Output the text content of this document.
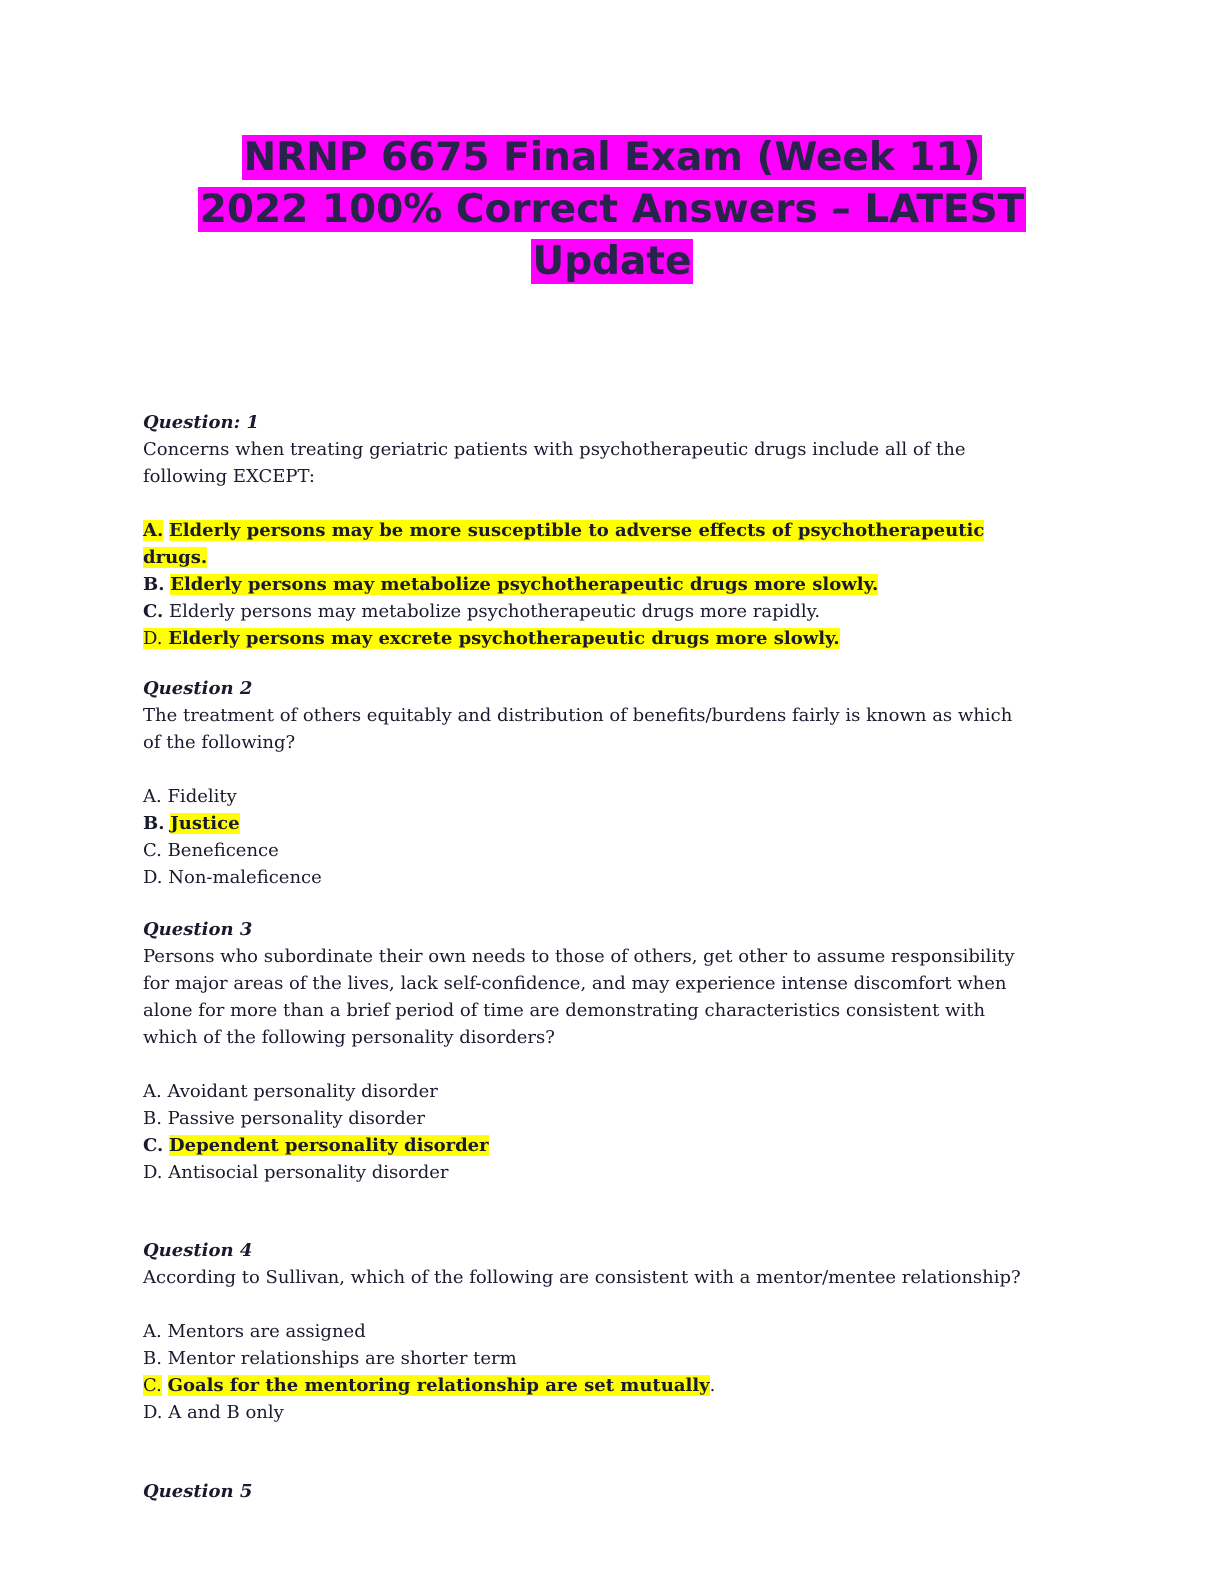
NRNP 6675 Final Exam (Week 11)
2022 100% Correct Answers – LATEST
Update
Question: 1
Concerns when treating geriatric patients with psychotherapeutic drugs include all of the
following EXCEPT:
A. Elderly persons may be more susceptible to adverse effects of psychotherapeutic
drugs.
B. Elderly persons may metabolize psychotherapeutic drugs more slowly.
C. Elderly persons may metabolize psychotherapeutic drugs more rapidly.
D. Elderly persons may excrete psychotherapeutic drugs more slowly.
Question 2
The treatment of others equitably and distribution of benefits/burdens fairly is known as which
of the following?
A. Fidelity
B. Justice
C. Beneficence
D. Non-maleficence
Question 3
Persons who subordinate their own needs to those of others, get other to assume responsibility
for major areas of the lives, lack self-confidence, and may experience intense discomfort when
alone for more than a brief period of time are demonstrating characteristics consistent with
which of the following personality disorders?
A. Avoidant personality disorder
B. Passive personality disorder
C. Dependent personality disorder
D. Antisocial personality disorder
Question 4
According to Sullivan, which of the following are consistent with a mentor/mentee relationship?
A. Mentors are assigned
B. Mentor relationships are shorter term
C. Goals for the mentoring relationship are set mutually.
D. A and B only
Question 5
